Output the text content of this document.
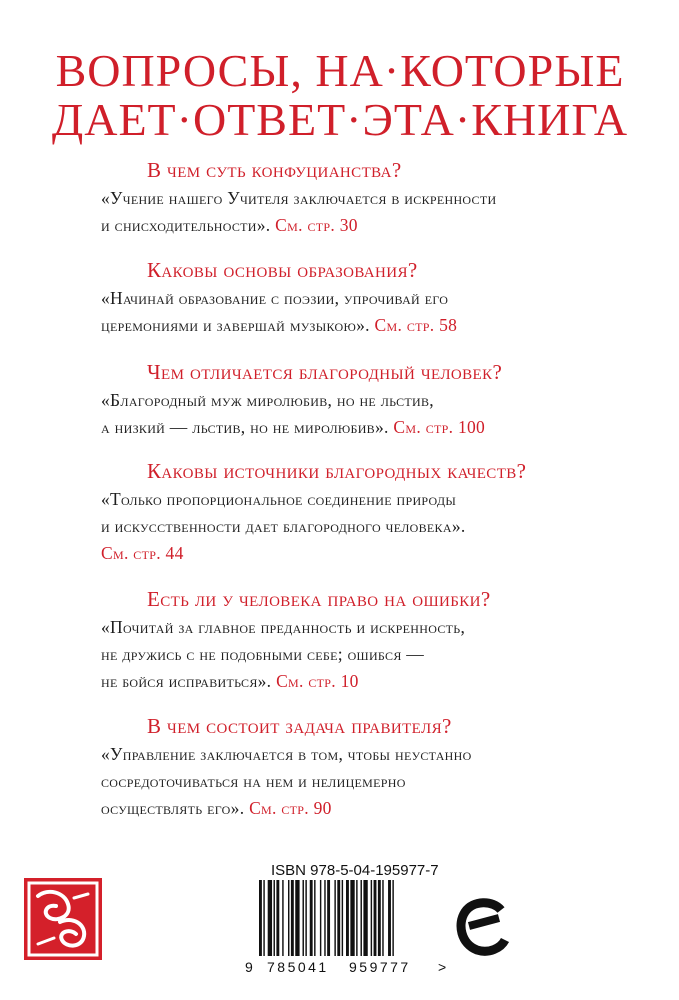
ВОПРОСЫ, НА·КОТОРЫЕ
ДАЕТ·ОТВЕТ·ЭТА·КНИГА
В чем суть конфуцианства?
«Учение нашего Учителя заключается в искренности
и снисходительности». См. стр. 30
Каковы основы образования?
«Начинай образование с поэзии, упрочивай его
церемониями и завершай музыкою». См. стр. 58
Чем отличается благородный человек?
«Благородный муж миролюбив, но не льстив,
а низкий — льстив, но не миролюбив». См. стр. 100
Каковы источники благородных качеств?
«Только пропорциональное соединение природы
и искусственности дает благородного человека».
См. стр. 44
Есть ли у человека право на ошибки?
«Почитай за главное преданность и искренность,
не дружись с не подобными себе; ошибся —
не бойся исправиться». См. стр. 10
В чем состоит задача правителя?
«Управление заключается в том, чтобы неустанно
сосредоточиваться на нем и нелицемерно
осуществлять его». См. стр. 90
ISBN 978-5-04-195977-7
9 785041 959777 >
